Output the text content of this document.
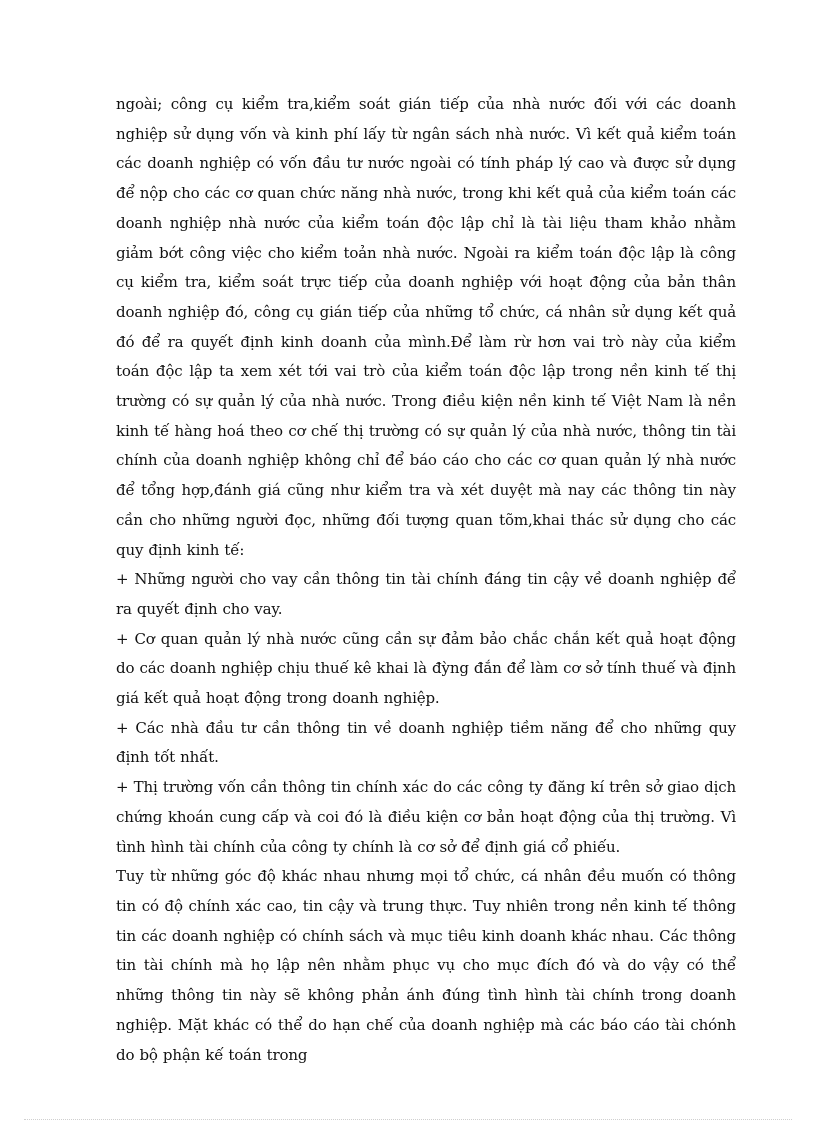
ngoài; công cụ kiểm tra,kiểm soát gián tiếp của nhà nước đối với các doanh nghiệp sử dụng vốn và kinh phí lấy từ ngân sách nhà nước. Vì kết quả kiểm toán các doanh nghiệp có vốn đầu tư nước ngoài có tính pháp lý cao và được sử dụng để nộp cho các cơ quan chức năng nhà nước, trong khi kết quả của kiểm toán các doanh nghiệp nhà nước của kiểm toán độc lập chỉ là tài liệu tham khảo nhằm giảm bớt công việc cho kiểm toản nhà nước. Ngoài ra kiểm toán độc lập là công cụ kiểm tra, kiểm soát trực tiếp của doanh nghiệp với hoạt động của bản thân doanh nghiệp đó, công cụ gián tiếp của những tổ chức, cá nhân sử dụng kết quả đó để ra quyết định kinh doanh của mình.Để làm rừ hơn vai trò này của kiểm toán độc lập ta xem xét tới vai trò của kiểm toán độc lập trong nền kinh tế thị trường có sự quản lý của nhà nước. Trong điều kiện nền kinh tế Việt Nam là nền kinh tế hàng hoá theo cơ chế thị trường có sự quản lý của nhà nước, thông tin tài chính của doanh nghiệp không chỉ để báo cáo cho các cơ quan quản lý nhà nước để tổng hợp,đánh giá cũng như kiểm tra và xét duyệt mà nay các thông tin này cần cho những người đọc, những đối tượng quan tõm,khai thác sử dụng cho các quy định kinh tế:

+ Những người cho vay cần thông tin tài chính đáng tin cậy về doanh nghiệp để ra quyết định cho vay.

+ Cơ quan quản lý nhà nước cũng cần sự đảm bảo chắc chắn kết quả hoạt động do các doanh nghiệp chịu thuế kê khai là đỳng đắn để làm cơ sở tính thuế và định giá kết quả hoạt động trong doanh nghiệp.

+ Các nhà đầu tư cần thông tin về doanh nghiệp tiềm năng để cho những quy định tốt nhất.

+ Thị trường vốn cần thông tin chính xác do các công ty đăng kí trên sở giao dịch chứng khoán cung cấp và coi đó là điều kiện cơ bản hoạt động của thị trường. Vì tình hình tài chính của công ty chính là cơ sở để định giá cổ phiếu.

Tuy từ những góc độ khác nhau nhưng mọi tổ chức, cá nhân đều muốn có thông tin có độ chính xác cao, tin cậy và trung thực. Tuy nhiên trong nền kinh tế thông tin các doanh nghiệp có chính sách và mục tiêu kinh doanh khác nhau. Các thông tin tài chính mà họ lập nên nhằm phục vụ cho mục đích đó và do vậy có thể những thông tin này sẽ không phản ánh đúng tình hình tài chính trong doanh nghiệp. Mặt khác có thể do hạn chế của doanh nghiệp mà các báo cáo tài chónh do bộ phận kế toán trong
